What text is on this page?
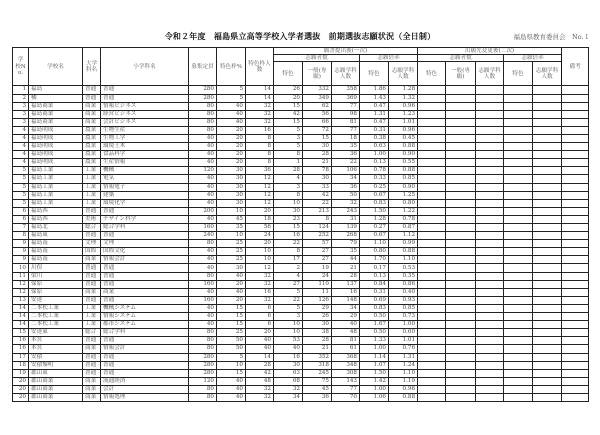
令和２年度　福島県立高等学校入学者選抜　前期選抜志願状況（全日制）	福島県教育委員会　No.１
学校No.	学校名	大学科名	小学科名	募集定員	特色枠%	特色枠人数	願書提出後(一次)					出願先変更後(二次)					備考
							志願者数			志願倍率		志願者数			志願倍率		
							特色	一般(専願)	志願学科人数	特色	志願学科人数	特色	一般(専願)	志願学科人数	特色	志願学科人数	
1	福島	普通	普通	280	5	14	26	332	358	1.86	1.28						
2	橘	普通	普通	280	5	14	20	349	369	1.43	1.32						
3	福島商業	商業	情報ビジネス	80	40	32	15	62	77	0.47	0.96						
3	福島商業	商業	経営ビジネス	80	40	32	42	56	98	1.31	1.23						
3	福島商業	商業	会計ビジネス	80	40	32	15	66	81	0.47	1.01						
4	福島明成	農業	生物生産	80	20	16	5	72	77	0.31	0.96						
4	福島明成	農業	生物工学	40	20	8	3	15	18	0.38	0.45						
4	福島明成	農業	環境土木	40	20	8	5	30	35	0.63	0.88						
4	福島明成	農業	食品科学	40	20	8	8	28	36	1.00	0.90						
4	福島明成	農業	生産情報	40	20	8	1	21	22	0.13	0.55						
5	福島工業	工業	機械	120	30	36	28	78	106	0.78	0.88						
5	福島工業	工業	電気	40	30	12	4	30	34	0.33	0.85						
5	福島工業	工業	情報電子	40	30	12	3	33	36	0.25	0.90						
5	福島工業	工業	建築	40	30	12	8	42	50	0.67	1.25						
5	福島工業	工業	環境化学	40	30	12	10	22	32	0.83	0.80						
6	福島西	普通	普通	200	10	20	30	213	243	1.50	1.22						
6	福島西	美術	デザイン科学	40	45	18	23	8	31	1.28	0.78						
7	福島北	総合	総合学科	160	35	56	15	124	139	0.27	0.87						
8	福島東	普通	普通	240	10	24	16	252	268	0.67	1.12						
9	福島南	文理	文理	80	25	20	22	57	79	1.10	0.99						
9	福島南	国際	国際文化	40	25	10	8	27	35	0.80	0.88						
9	福島南	商業	情報会計	40	25	10	17	27	44	1.70	1.10						
10	川俣	普通	普通	40	30	12	2	19	21	0.17	0.53						
11	梁川	普通	普通	80	40	32	4	24	28	0.13	0.35						
12	保原	普通	普通	160	20	32	27	110	137	0.84	0.86						
12	保原	商業	商業	40	40	16	5	11	16	0.31	0.40						
13	安達	普通	普通	160	20	32	22	126	148	0.69	0.93						
14	二本松工業	工業	機械システム	40	15	6	5	29	34	0.83	0.85						
14	二本松工業	工業	情報システム	40	15	6	3	26	29	0.50	0.73						
14	二本松工業	工業	都市システム	40	15	6	10	30	40	1.67	1.00						
15	安達東	総合	総合学科	80	25	20	10	38	48	0.50	0.60						
16	本宮	普通	普通	80	50	40	53	28	81	1.33	1.01						
16	本宮	商業	情報会計	80	50	40	40	21	61	1.00	0.76						
17	安積	普通	普通	280	5	14	16	352	368	1.14	1.31						
18	安積黎明	普通	普通	280	10	28	30	318	348	1.07	1.24						
19	郡山東	普通	普通	280	15	42	63	245	308	1.50	1.10						
20	郡山商業	商業	流通経済	120	40	48	68	75	143	1.42	1.19						
20	郡山商業	商業	会計	80	40	32	32	45	77	1.00	0.96						
20	郡山商業	商業	情報処理	80	40	32	34	36	70	1.06	0.88						
